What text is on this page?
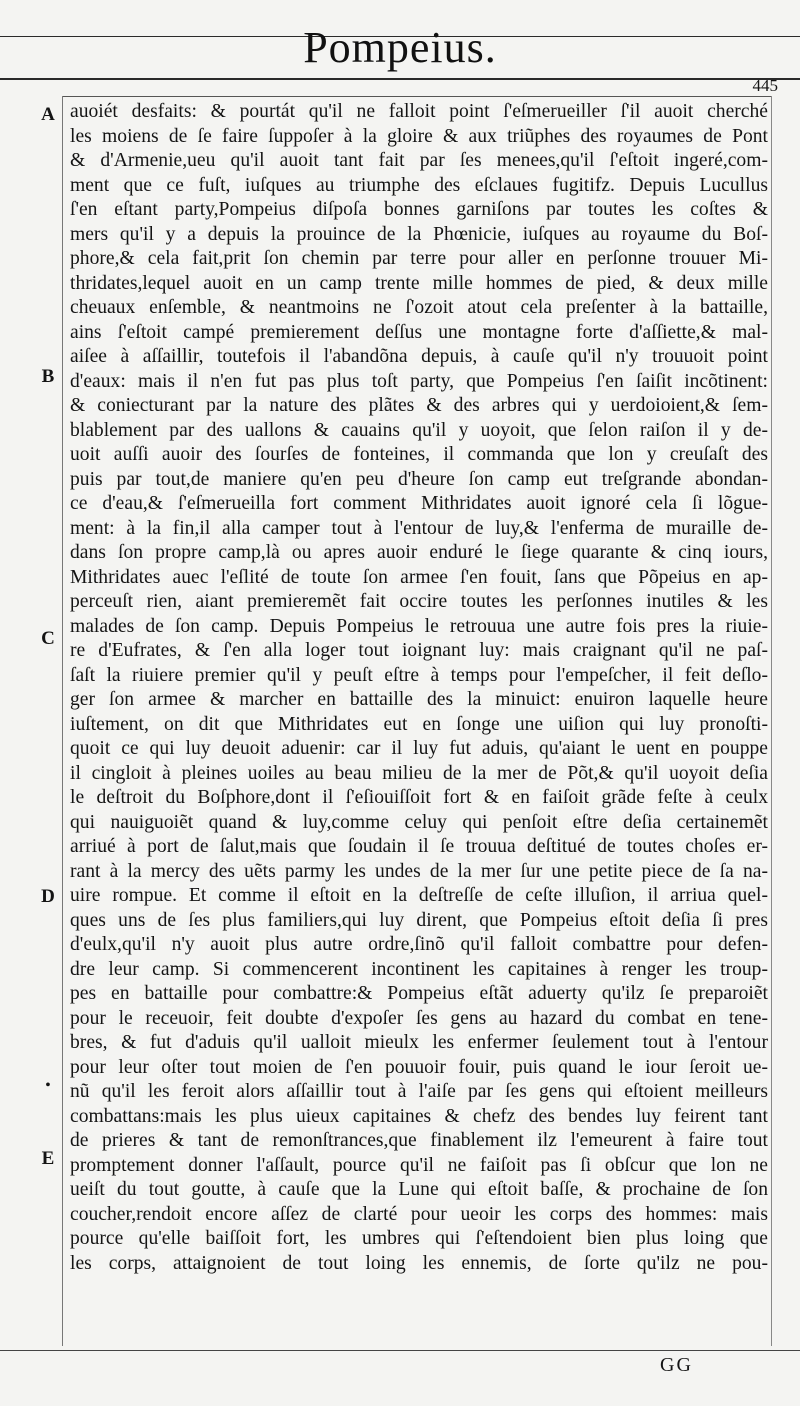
Pompeius.
445
A
B
C
D
•
E
auoiét desfaits: & pourtát qu'il ne falloit point ſ'eſmerueiller ſ'il auoit cherché
les moiens de ſe faire ſuppoſer à la gloire & aux triũphes des royaumes de Pont
& d'Armenie,ueu qu'il auoit tant fait par ſes menees,qu'il ſ'eſtoit ingeré,com-
ment que ce fuſt, iuſques au triumphe des eſclaues fugitifz. Depuis Lucullus
ſ'en eſtant party,Pompeius diſpoſa bonnes garniſons par toutes les coſtes &
mers qu'il y a depuis la prouince de la Phœnicie, iuſques au royaume du Boſ-
phore,& cela fait,prit ſon chemin par terre pour aller en perſonne trouuer Mi-
thridates,lequel auoit en un camp trente mille hommes de pied, & deux mille
cheuaux enſemble, & neantmoins ne ſ'ozoit atout cela preſenter à la battaille,
ains ſ'eſtoit campé premierement deſſus une montagne forte d'aſſiette,& mal-
aiſee à aſſaillir, toutefois il l'abandõna depuis, à cauſe qu'il n'y trouuoit point
d'eaux: mais il n'en fut pas plus toſt party, que Pompeius ſ'en ſaiſit incõtinent:
& coniecturant par la nature des plãtes & des arbres qui y uerdoioient,& ſem-
blablement par des uallons & cauains qu'il y uoyoit, que ſelon raiſon il y de-
uoit auſſi auoir des ſourſes de fonteines, il commanda que lon y creuſaſt des
puis par tout,de maniere qu'en peu d'heure ſon camp eut treſgrande abondan-
ce d'eau,& ſ'eſmerueilla fort comment Mithridates auoit ignoré cela ſi lõgue-
ment: à la fin,il alla camper tout à l'entour de luy,& l'enferma de muraille de-
dans ſon propre camp,là ou apres auoir enduré le ſiege quarante & cinq iours,
Mithridates auec l'eſlité de toute ſon armee ſ'en fouit, ſans que Põpeius en ap-
perceuſt rien, aiant premieremẽt fait occire toutes les perſonnes inutiles & les
malades de ſon camp. Depuis Pompeius le retrouua une autre fois pres la riuie-
re d'Eufrates, & ſ'en alla loger tout ioignant luy: mais craignant qu'il ne paſ-
ſaſt la riuiere premier qu'il y peuſt eſtre à temps pour l'empeſcher, il feit deſlo-
ger ſon armee & marcher en battaille des la minuict: enuiron laquelle heure
iuſtement, on dit que Mithridates eut en ſonge une uiſion qui luy pronoſti-
quoit ce qui luy deuoit aduenir: car il luy fut aduis, qu'aiant le uent en pouppe
il cingloit à pleines uoiles au beau milieu de la mer de Põt,& qu'il uoyoit deſia
le deſtroit du Boſphore,dont il ſ'eſiouiſſoit fort & en faiſoit grãde feſte à ceulx
qui nauiguoiẽt quand & luy,comme celuy qui penſoit eſtre deſia certainemẽt
arriué à port de ſalut,mais que ſoudain il ſe trouua deſtitué de toutes choſes er-
rant à la mercy des uẽts parmy les undes de la mer ſur une petite piece de ſa na-
uire rompue. Et comme il eſtoit en la deſtreſſe de ceſte illuſion, il arriua quel-
ques uns de ſes plus familiers,qui luy dirent, que Pompeius eſtoit deſia ſi pres
d'eulx,qu'il n'y auoit plus autre ordre,ſinõ qu'il falloit combattre pour defen-
dre leur camp. Si commencerent incontinent les capitaines à renger les troup-
pes en battaille pour combattre:& Pompeius eſtãt aduerty qu'ilz ſe preparoiẽt
pour le receuoir, feit doubte d'expoſer ſes gens au hazard du combat en tene-
bres, & fut d'aduis qu'il ualloit mieulx les enfermer ſeulement tout à l'entour
pour leur oſter tout moien de ſ'en pouuoir fouir, puis quand le iour ſeroit ue-
nũ qu'il les feroit alors aſſaillir tout à l'aiſe par ſes gens qui eſtoient meilleurs
combattans:mais les plus uieux capitaines & chefz des bendes luy feirent tant
de prieres & tant de remonſtrances,que finablement ilz l'emeurent à faire tout
promptement donner l'aſſault, pource qu'il ne faiſoit pas ſi obſcur que lon ne
ueiſt du tout goutte, à cauſe que la Lune qui eſtoit baſſe, & prochaine de ſon
coucher,rendoit encore aſſez de clarté pour ueoir les corps des hommes: mais
pource qu'elle baiſſoit fort, les umbres qui ſ'eſtendoient bien plus loing que
les corps, attaignoient de tout loing les ennemis, de ſorte qu'ilz ne pou-
GG
